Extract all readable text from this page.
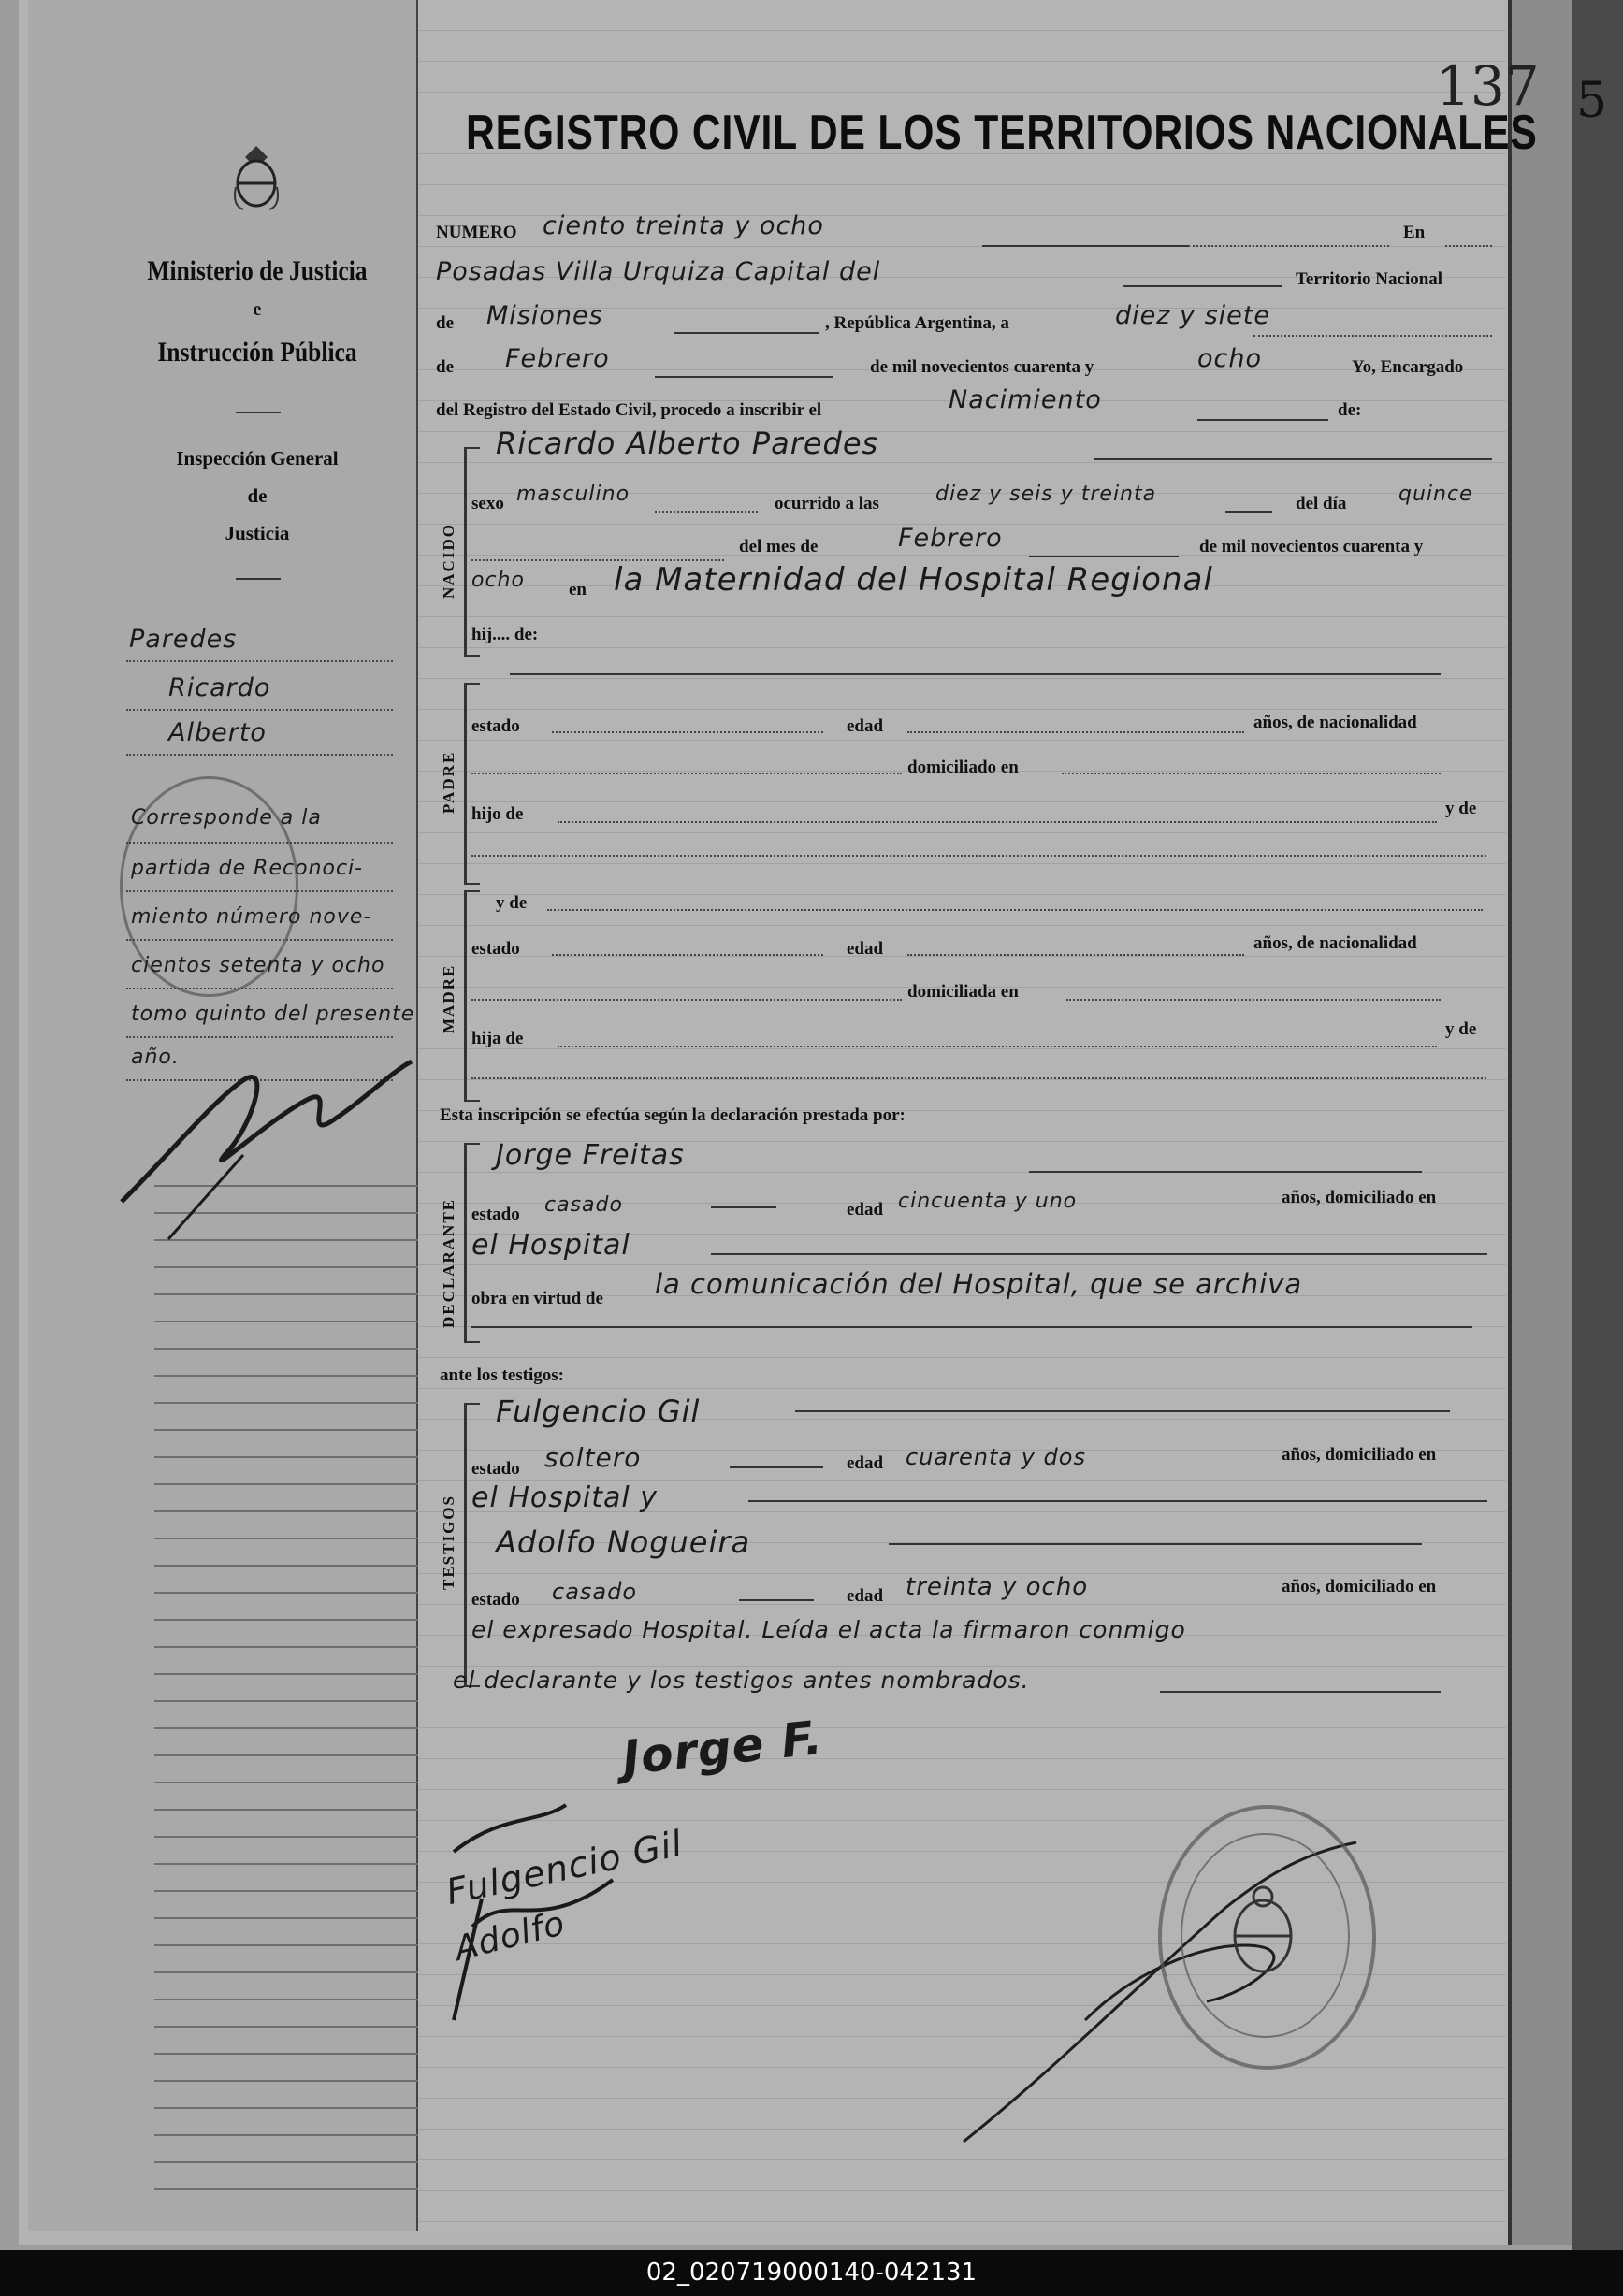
REGISTRO CIVIL DE LOS TERRITORIOS NACIONALES
137 5
Ministerio de Justicia
e
Instrucción Pública
Inspección General
de
Justicia
Paredes
Ricardo
Alberto
Corresponde a la
partida de Reconoci-
miento número nove-
cientos setenta y ocho
tomo quinto del presente
año.
NUMERO ciento treinta y ocho	En
Posadas Villa Urquiza Capital del	Territorio Nacional
de Misiones	, República Argentina, a	diez y siete
de Febrero	de mil novecientos cuarenta y	ocho	Yo, Encargado
del Registro del Estado Civil, procedo a inscribir el	Nacimiento	de:
NACIDO
Ricardo Alberto Paredes
sexo masculino	ocurrido a las	diez y seis y treinta	del día	quince
del mes de	Febrero	de mil novecientos cuarenta y
ocho en la Maternidad del Hospital Regional
hij.... de:
PADRE
estado	edad	años, de nacionalidad
domiciliado en
hijo de	y de
MADRE
y de
estado	edad	años, de nacionalidad
domiciliada en
hija de	y de
Esta inscripción se efectúa según la declaración prestada por:
DECLARANTE
Jorge Freitas
estado casado	edad cincuenta y uno	años, domiciliado en
el Hospital
obra en virtud de la comunicación del Hospital, que se archiva
ante los testigos:
TESTIGOS
Fulgencio Gil
estado soltero	edad cuarenta y dos	años, domiciliado en
el Hospital y
Adolfo Nogueira
estado casado	edad treinta y ocho	años, domiciliado en
el expresado Hospital. Leída el acta la firmaron conmigo
el declarante y los testigos antes nombrados.
Jorge F.
Fulgencio Gil
Adolfo
02_020719000140-042131
